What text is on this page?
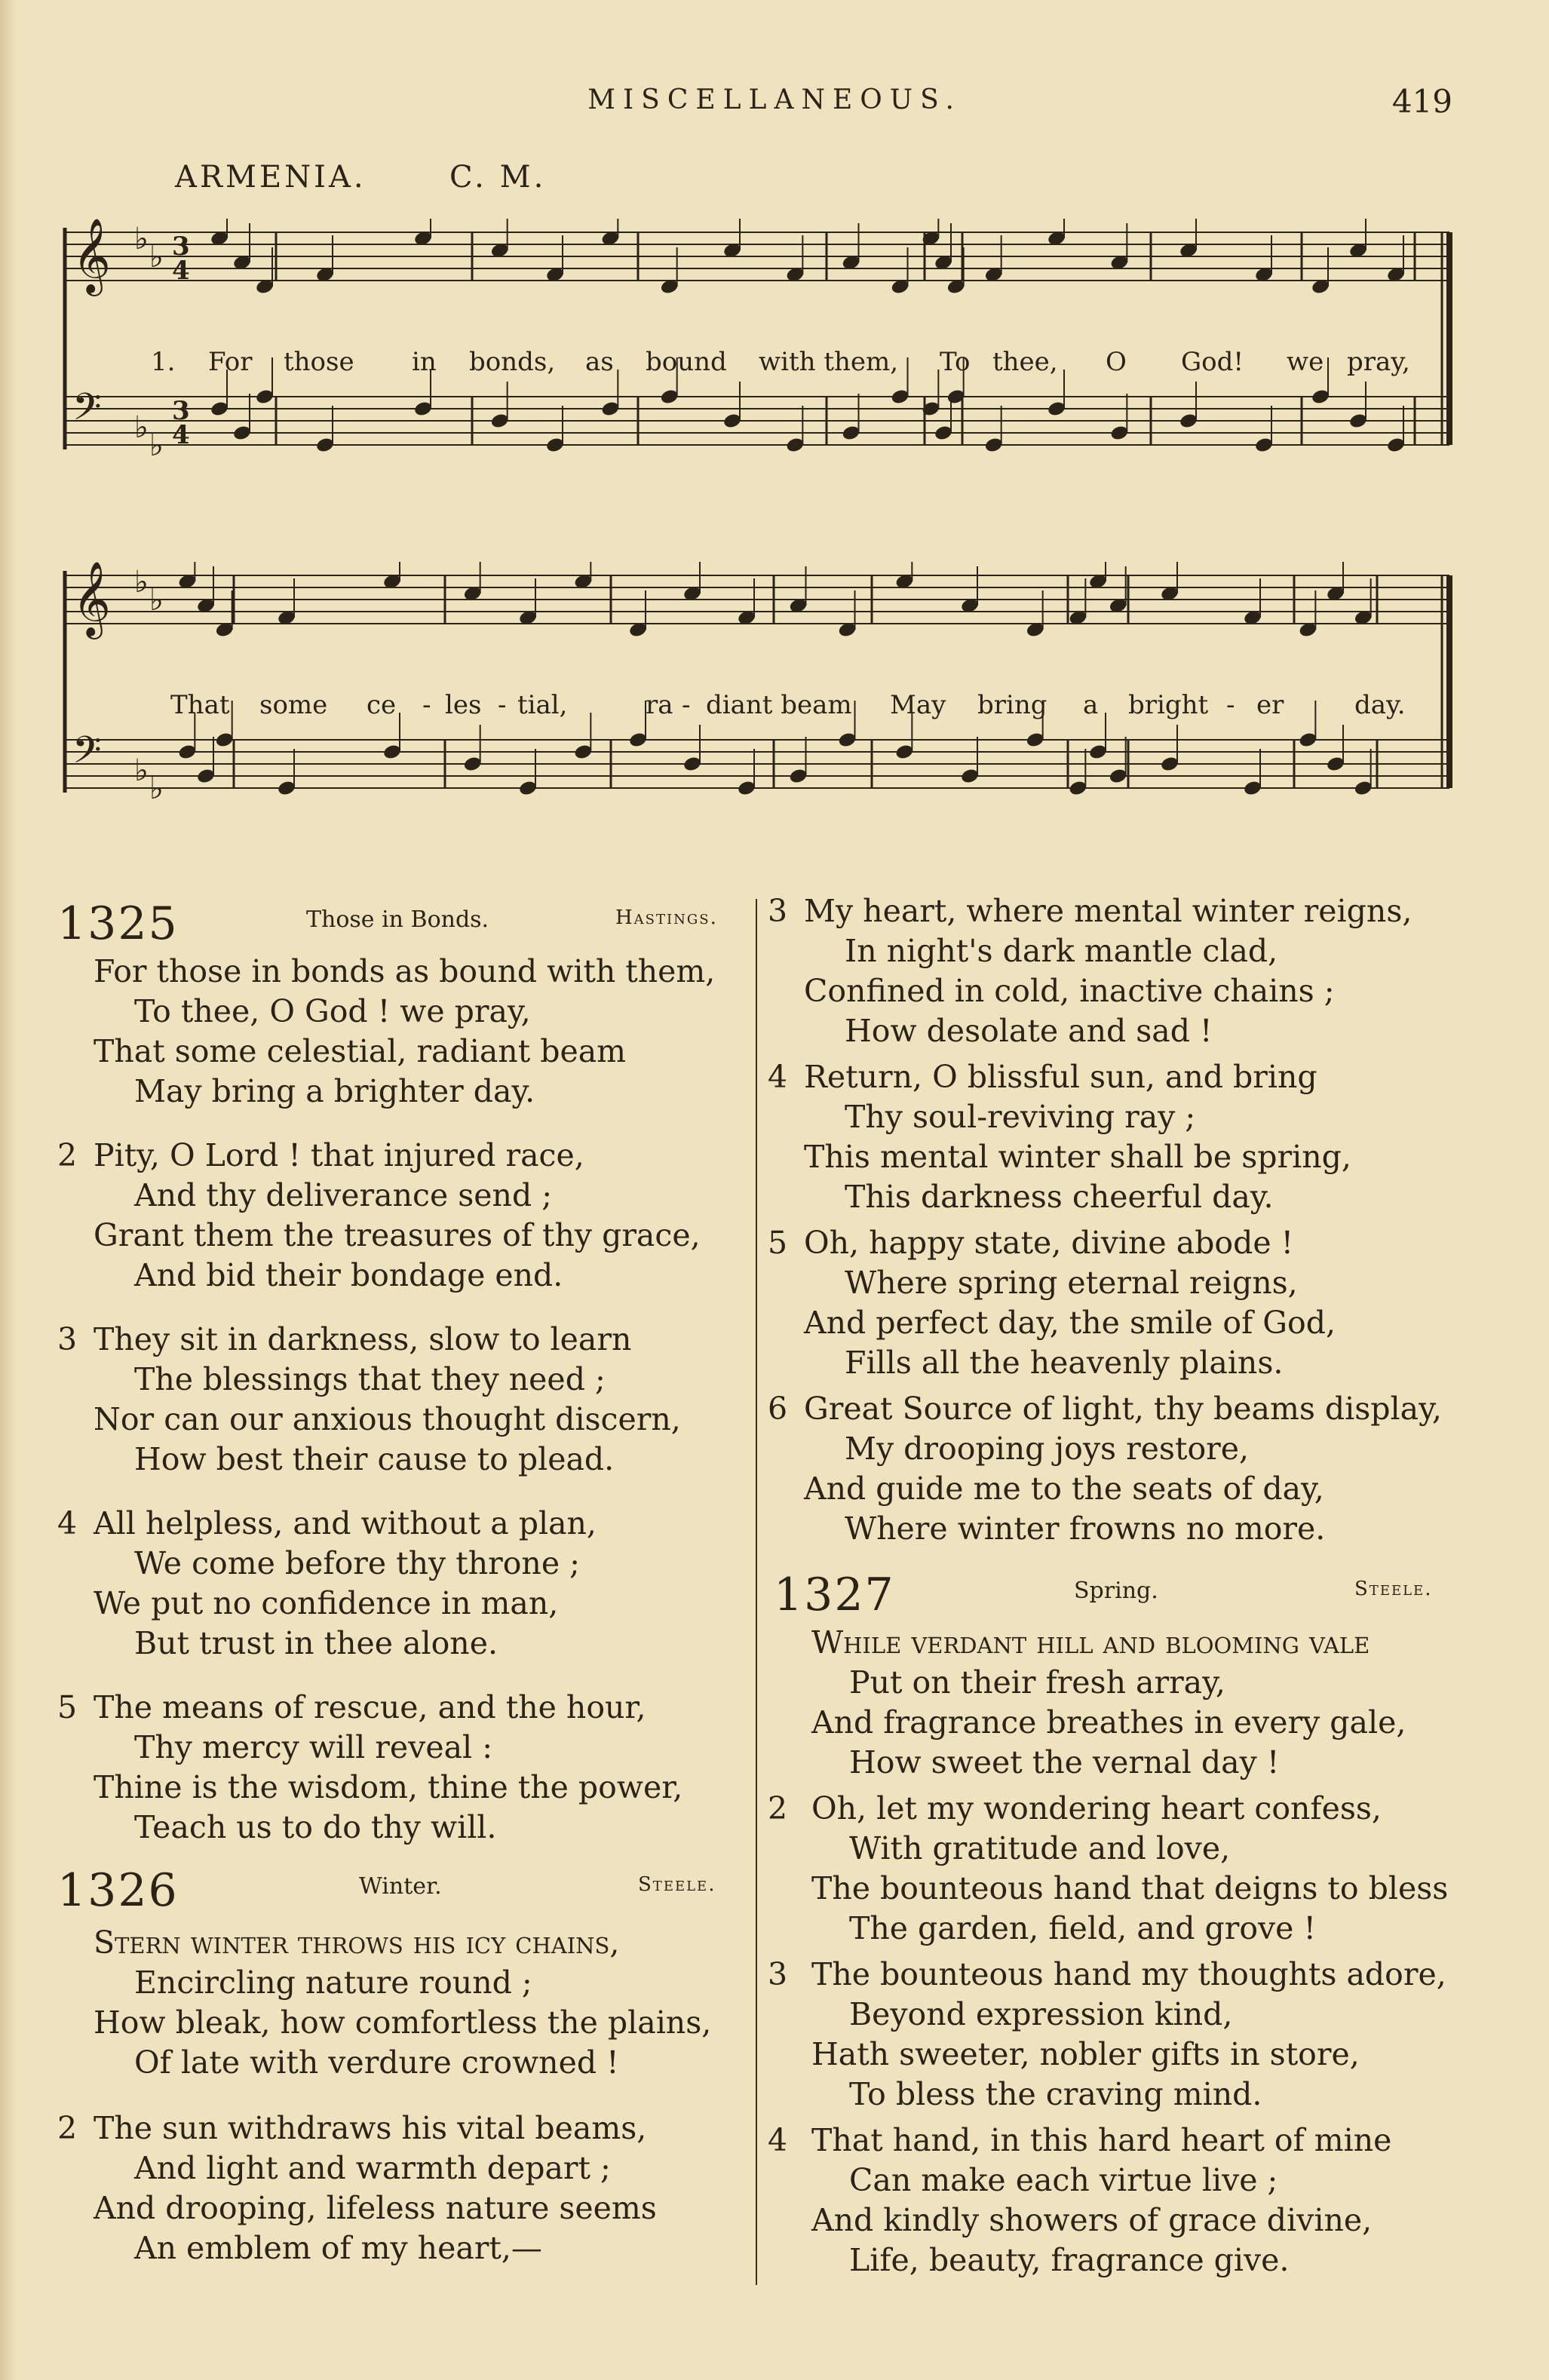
MISCELLANEOUS.	419
ARMENIA.	C. M.
𝄞 ♭
♭ 3
4
𝄢 ♭
♭
3
4
1. For those in bonds, as bound with them, To thee, O God! we pray,
𝄞 ♭
♭
𝄢 ♭
♭
That some ce - les - tial,	ra - diant beam May bring a bright - er	day.
1325	Those in Bonds.	Hastings.
For those in bonds as bound with them,
To thee, O God ! we pray,
That some celestial, radiant beam
May bring a brighter day.
2 Pity, O Lord ! that injured race,
And thy deliverance send ;
Grant them the treasures of thy grace,
And bid their bondage end.
3 They sit in darkness, slow to learn
The blessings that they need ;
Nor can our anxious thought discern,
How best their cause to plead.
4 All helpless, and without a plan,
We come before thy throne ;
We put no confidence in man,
But trust in thee alone.
5 The means of rescue, and the hour,
Thy mercy will reveal :
Thine is the wisdom, thine the power,
Teach us to do thy will.
1326	Winter.	Steele.
Stern winter throws his icy chains,
Encircling nature round ;
How bleak, how comfortless the plains,
Of late with verdure crowned !
2 The sun withdraws his vital beams,
And light and warmth depart ;
And drooping, lifeless nature seems
An emblem of my heart,—
3 My heart, where mental winter reigns,
In night's dark mantle clad,
Confined in cold, inactive chains ;
How desolate and sad !
4 Return, O blissful sun, and bring
Thy soul-reviving ray ;
This mental winter shall be spring,
This darkness cheerful day.
5 Oh, happy state, divine abode !
Where spring eternal reigns,
And perfect day, the smile of God,
Fills all the heavenly plains.
6 Great Source of light, thy beams display,
My drooping joys restore,
And guide me to the seats of day,
Where winter frowns no more.
1327	Spring.	Steele.
While verdant hill and blooming vale
Put on their fresh array,
And fragrance breathes in every gale,
How sweet the vernal day !
2 Oh, let my wondering heart confess,
With gratitude and love,
The bounteous hand that deigns to bless
The garden, field, and grove !
3 The bounteous hand my thoughts adore,
Beyond expression kind,
Hath sweeter, nobler gifts in store,
To bless the craving mind.
4 That hand, in this hard heart of mine
Can make each virtue live ;
And kindly showers of grace divine,
Life, beauty, fragrance give.
